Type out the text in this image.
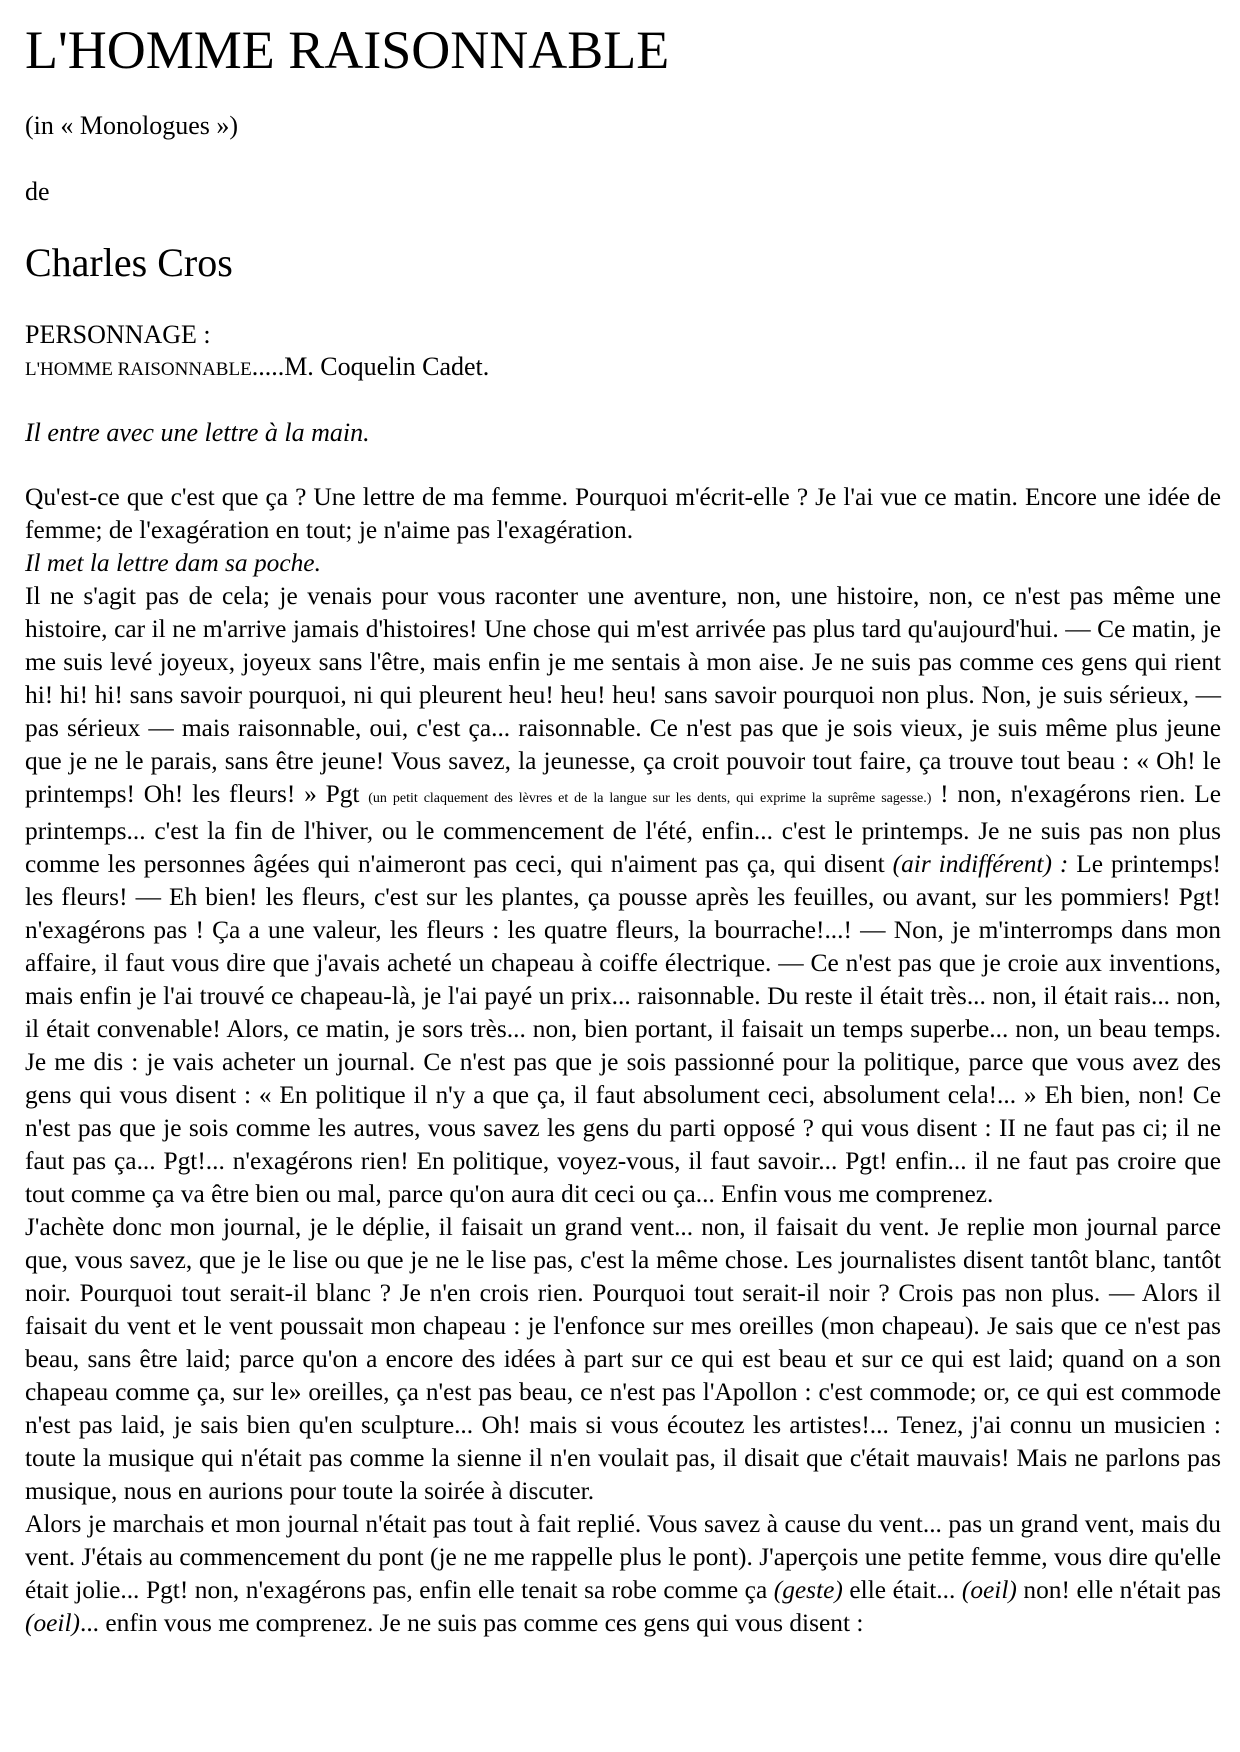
L'HOMME RAISONNABLE
(in « Monologues »)
de
Charles Cros
PERSONNAGE :
L'HOMME RAISONNABLE.....M. Coquelin Cadet.
Il entre avec une lettre à la main.

Qu'est-ce que c'est que ça ? Une lettre de ma femme. Pourquoi m'écrit-elle ? Je l'ai vue ce matin. Encore une idée de femme; de l'exagération en tout; je n'aime pas l'exagération.

Il met la lettre dam sa poche.

Il ne s'agit pas de cela; je venais pour vous raconter une aventure, non, une histoire, non, ce n'est pas même une histoire, car il ne m'arrive jamais d'histoires! Une chose qui m'est arrivée pas plus tard qu'aujourd'hui. — Ce matin, je me suis levé joyeux, joyeux sans l'être, mais enfin je me sentais à mon aise. Je ne suis pas comme ces gens qui rient hi! hi! hi! sans savoir pourquoi, ni qui pleurent heu! heu! heu! sans savoir pourquoi non plus. Non, je suis sérieux, — pas sérieux — mais raisonnable, oui, c'est ça... raisonnable. Ce n'est pas que je sois vieux, je suis même plus jeune que je ne le parais, sans être jeune! Vous savez, la jeunesse, ça croit pouvoir tout faire, ça trouve tout beau : « Oh! le printemps! Oh! les fleurs! » Pgt (un petit claquement des lèvres et de la langue sur les dents, qui exprime la suprême sagesse.) ! non, n'exagérons rien. Le printemps... c'est la fin de l'hiver, ou le commencement de l'été, enfin... c'est le printemps. Je ne suis pas non plus comme les personnes âgées qui n'aimeront pas ceci, qui n'aiment pas ça, qui disent (air indifférent) : Le printemps! les fleurs! — Eh bien! les fleurs, c'est sur les plantes, ça pousse après les feuilles, ou avant, sur les pommiers! Pgt! n'exagérons pas ! Ça a une valeur, les fleurs : les quatre fleurs, la bourrache!...! — Non, je m'interromps dans mon affaire, il faut vous dire que j'avais acheté un chapeau à coiffe électrique. — Ce n'est pas que je croie aux inventions, mais enfin je l'ai trouvé ce chapeau-là, je l'ai payé un prix... raisonnable. Du reste il était très... non, il était rais... non, il était convenable! Alors, ce matin, je sors très... non, bien portant, il faisait un temps superbe... non, un beau temps. Je me dis : je vais acheter un journal. Ce n'est pas que je sois passionné pour la politique, parce que vous avez des gens qui vous disent : « En politique il n'y a que ça, il faut absolument ceci, absolument cela!... » Eh bien, non! Ce n'est pas que je sois comme les autres, vous savez les gens du parti opposé ? qui vous disent : II ne faut pas ci; il ne faut pas ça... Pgt!... n'exagérons rien! En politique, voyez-vous, il faut savoir... Pgt! enfin... il ne faut pas croire que tout comme ça va être bien ou mal, parce qu'on aura dit ceci ou ça... Enfin vous me comprenez.

J'achète donc mon journal, je le déplie, il faisait un grand vent... non, il faisait du vent. Je replie mon journal parce que, vous savez, que je le lise ou que je ne le lise pas, c'est la même chose. Les journalistes disent tantôt blanc, tantôt noir. Pourquoi tout serait-il blanc ? Je n'en crois rien. Pourquoi tout serait-il noir ? Crois pas non plus. — Alors il faisait du vent et le vent poussait mon chapeau : je l'enfonce sur mes oreilles (mon chapeau). Je sais que ce n'est pas beau, sans être laid; parce qu'on a encore des idées à part sur ce qui est beau et sur ce qui est laid; quand on a son chapeau comme ça, sur le» oreilles, ça n'est pas beau, ce n'est pas l'Apollon : c'est commode; or, ce qui est commode n'est pas laid, je sais bien qu'en sculpture... Oh! mais si vous écoutez les artistes!... Tenez, j'ai connu un musicien : toute la musique qui n'était pas comme la sienne il n'en voulait pas, il disait que c'était mauvais! Mais ne parlons pas musique, nous en aurions pour toute la soirée à discuter.

Alors je marchais et mon journal n'était pas tout à fait replié. Vous savez à cause du vent... pas un grand vent, mais du vent. J'étais au commencement du pont (je ne me rappelle plus le pont). J'aperçois une petite femme, vous dire qu'elle était jolie... Pgt! non, n'exagérons pas, enfin elle tenait sa robe comme ça (geste) elle était... (oeil) non! elle n'était pas (oeil)... enfin vous me comprenez. Je ne suis pas comme ces gens qui vous disent :
